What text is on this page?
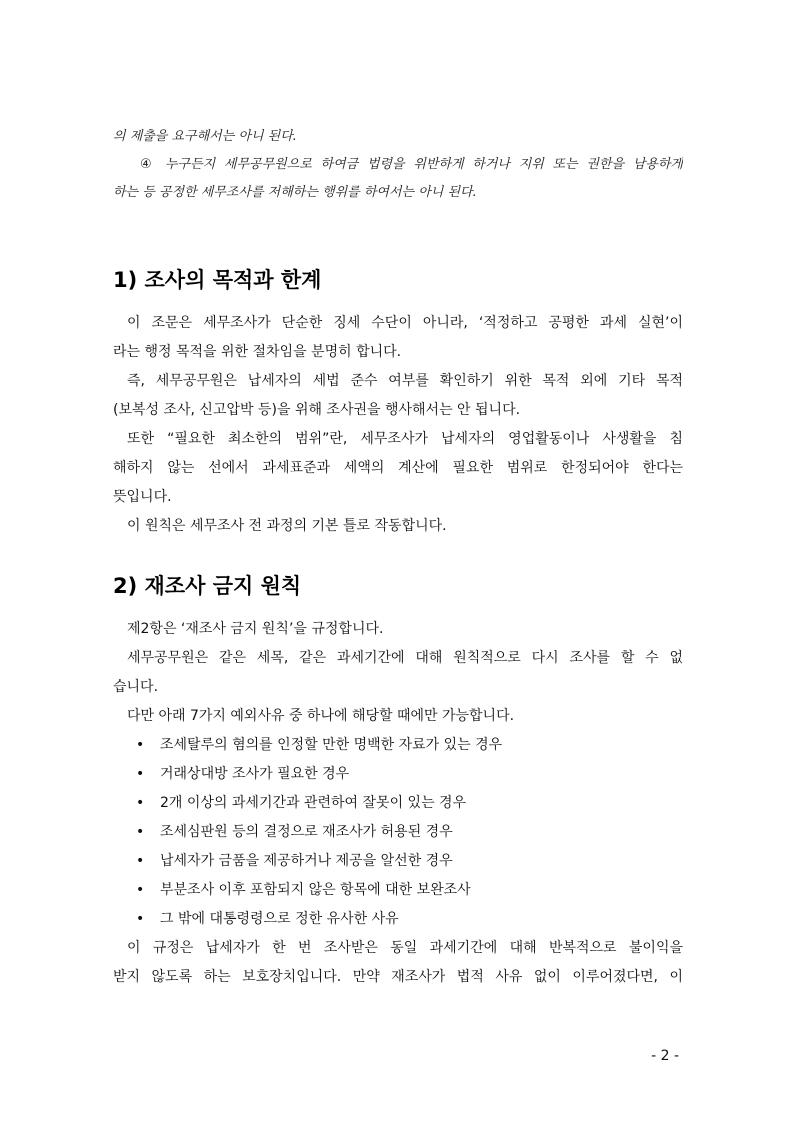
의 제출을 요구해서는 아니 된다.
④ 누구든지 세무공무원으로 하여금 법령을 위반하게 하거나 지위 또는 권한을 남용하게
하는 등 공정한 세무조사를 저해하는 행위를 하여서는 아니 된다.
1) 조사의 목적과 한계
이 조문은 세무조사가 단순한 징세 수단이 아니라, ‘적정하고 공평한 과세 실현’이
라는 행정 목적을 위한 절차임을 분명히 합니다.
즉, 세무공무원은 납세자의 세법 준수 여부를 확인하기 위한 목적 외에 기타 목적
(보복성 조사, 신고압박 등)을 위해 조사권을 행사해서는 안 됩니다.
또한 “필요한 최소한의 범위”란, 세무조사가 납세자의 영업활동이나 사생활을 침
해하지 않는 선에서 과세표준과 세액의 계산에 필요한 범위로 한정되어야 한다는
뜻입니다.
이 원칙은 세무조사 전 과정의 기본 틀로 작동합니다.
2) 재조사 금지 원칙
제2항은 ‘재조사 금지 원칙’을 규정합니다.
세무공무원은 같은 세목, 같은 과세기간에 대해 원칙적으로 다시 조사를 할 수 없
습니다.
다만 아래 7가지 예외사유 중 하나에 해당할 때에만 가능합니다.
• 조세탈루의 혐의를 인정할 만한 명백한 자료가 있는 경우
• 거래상대방 조사가 필요한 경우
• 2개 이상의 과세기간과 관련하여 잘못이 있는 경우
• 조세심판원 등의 결정으로 재조사가 허용된 경우
• 납세자가 금품을 제공하거나 제공을 알선한 경우
• 부분조사 이후 포함되지 않은 항목에 대한 보완조사
• 그 밖에 대통령령으로 정한 유사한 사유
이 규정은 납세자가 한 번 조사받은 동일 과세기간에 대해 반복적으로 불이익을
받지 않도록 하는 보호장치입니다. 만약 재조사가 법적 사유 없이 이루어졌다면, 이
- 2 -
